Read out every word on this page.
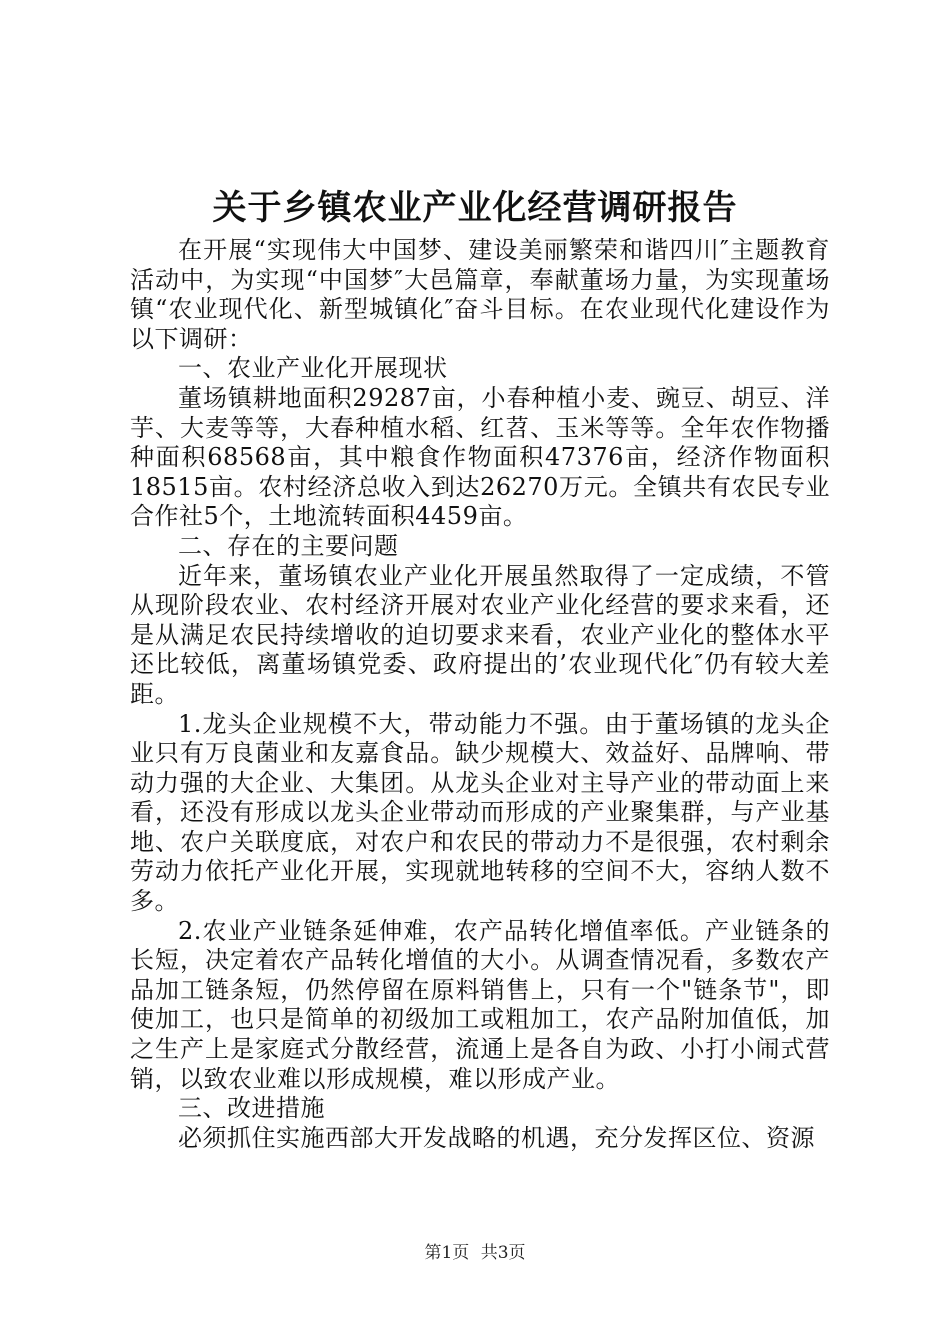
关于乡镇农业产业化经营调研报告

在开展“实现伟大中国梦、建设美丽繁荣和谐四川″主题教育活动中，为实现“中国梦″大邑篇章，奉献董场力量，为实现董场镇“农业现代化、新型城镇化″奋斗目标。在农业现代化建设作为以下调研：

一、农业产业化开展现状

董场镇耕地面积29287亩，小春种植小麦、豌豆、胡豆、洋芋、大麦等等，大春种植水稻、红苕、玉米等等。全年农作物播种面积68568亩，其中粮食作物面积47376亩，经济作物面积18515亩。农村经济总收入到达26270万元。全镇共有农民专业合作社5个，土地流转面积4459亩。

二、存在的主要问题

近年来，董场镇农业产业化开展虽然取得了一定成绩，不管从现阶段农业、农村经济开展对农业产业化经营的要求来看，还是从满足农民持续增收的迫切要求来看，农业产业化的整体水平还比较低，离董场镇党委、政府提出的’农业现代化″仍有较大差距。

1.龙头企业规模不大，带动能力不强。由于董场镇的龙头企业只有万良菌业和友嘉食品。缺少规模大、效益好、品牌响、带动力强的大企业、大集团。从龙头企业对主导产业的带动面上来看，还没有形成以龙头企业带动而形成的产业聚集群，与产业基地、农户关联度底，对农户和农民的带动力不是很强，农村剩余劳动力依托产业化开展，实现就地转移的空间不大，容纳人数不多。

2.农业产业链条延伸难，农产品转化增值率低。产业链条的长短，决定着农产品转化增值的大小。从调查情况看，多数农产品加工链条短，仍然停留在原料销售上，只有一个"链条节"，即使加工，也只是简单的初级加工或粗加工，农产品附加值低，加之生产上是家庭式分散经营，流通上是各自为政、小打小闹式营销，以致农业难以形成规模，难以形成产业。

三、改进措施

必须抓住实施西部大开发战略的机遇，充分发挥区位、资源

第1页 共3页
